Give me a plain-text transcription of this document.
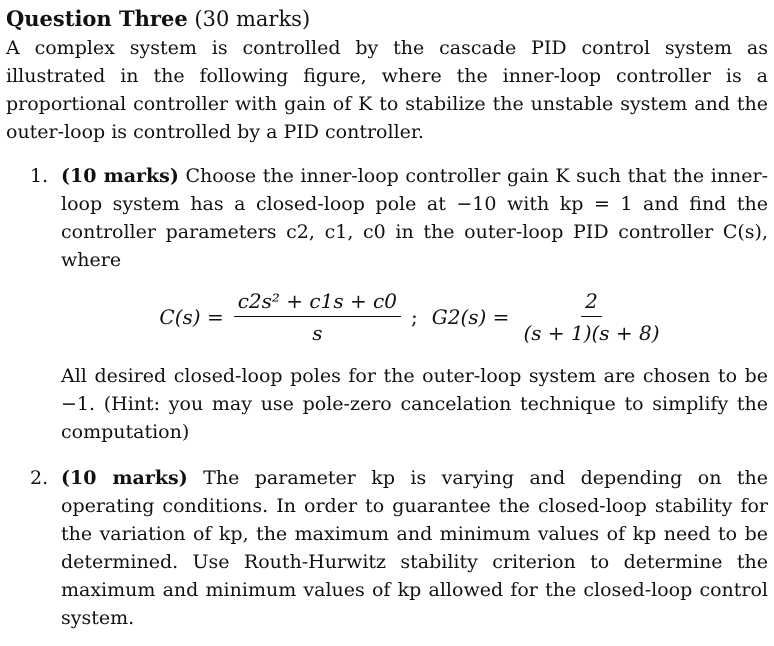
Question Three (30 marks)

A complex system is controlled by the cascade PID control system as illustrated in the following figure, where the inner-loop controller is a proportional controller with gain of K to stabilize the unstable system and the outer-loop is controlled by a PID controller.

1. (10 marks) Choose the inner-loop controller gain K such that the inner-loop system has a closed-loop pole at −10 with kp = 1 and find the controller parameters c2, c1, c0 in the outer-loop PID controller C(s), where

$C(s) = \frac{\text{c2s² + c1s + c0}}{s}$ ; $G2(s) = \frac{2}{(s + 1)(s + 8)}$

All desired closed-loop poles for the outer-loop system are chosen to be −1. (Hint: you may use pole-zero cancelation technique to simplify the computation)

2. (10 marks) The parameter kp is varying and depending on the operating conditions. In order to guarantee the closed-loop stability for the variation of kp, the maximum and minimum values of kp need to be determined. Use Routh-Hurwitz stability criterion to determine the maximum and minimum values of kp allowed for the closed-loop control system.
